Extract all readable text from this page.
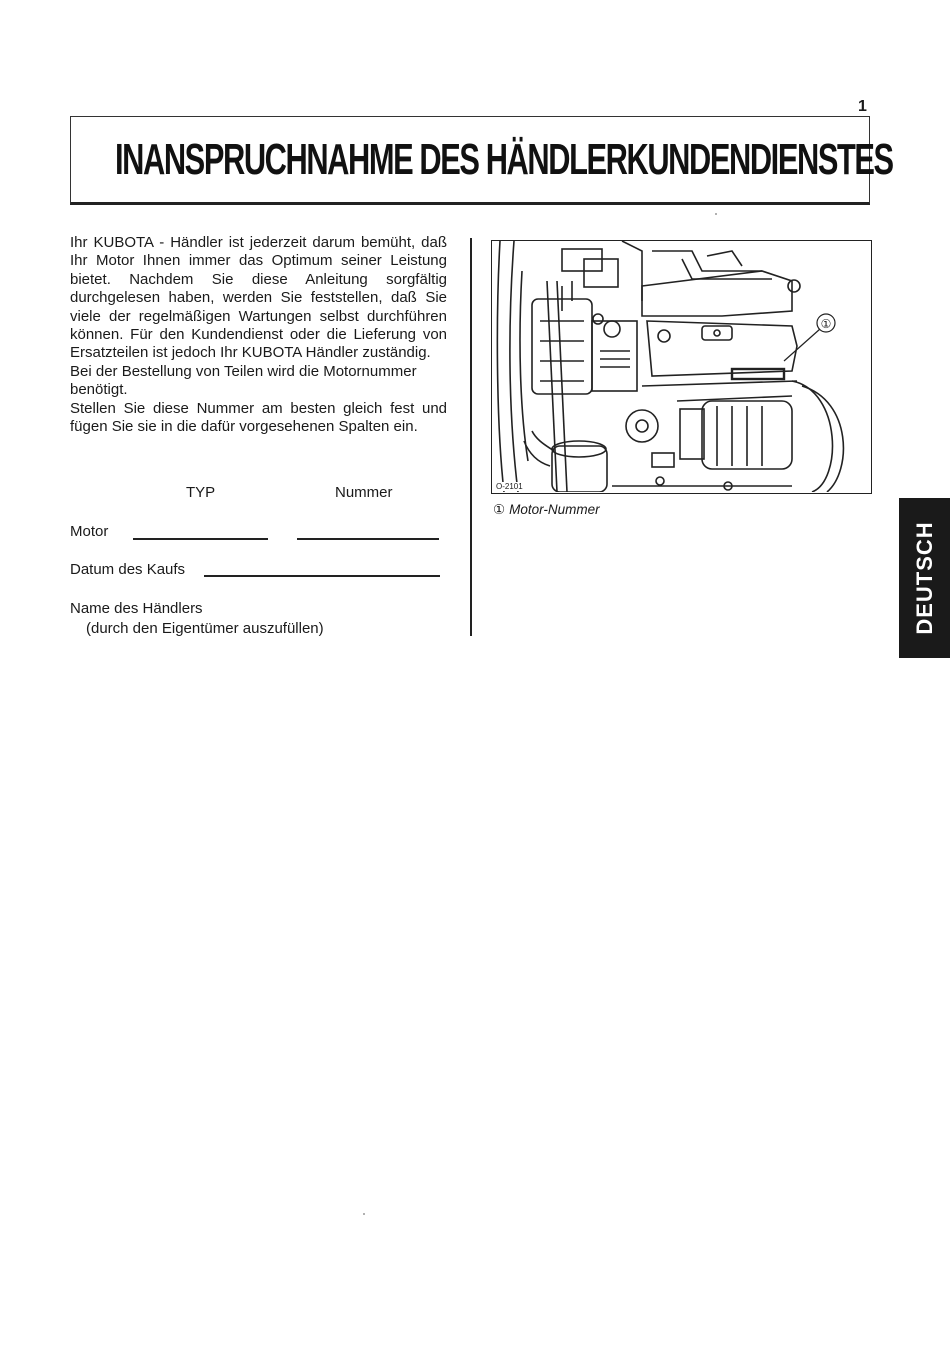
1
INANSPRUCHNAHME DES HÄNDLERKUNDENDIENSTES

Ihr KUBOTA - Händler ist jederzeit darum bemüht, daß Ihr Motor Ihnen immer das Optimum seiner Leistung bietet. Nachdem Sie diese Anleitung sorgfältig durchgelesen haben, werden Sie feststellen, daß Sie viele der regelmäßigen Wartungen selbst durchführen können. Für den Kundendienst oder die Lieferung von Ersatzteilen ist jedoch Ihr KUBOTA Händler zuständig.

Bei der Bestellung von Teilen wird die Motornummer benötigt.

Stellen Sie diese Nummer am besten gleich fest und fügen Sie sie in die dafür vorgesehenen Spalten ein.

TYP	Nummer
Motor
Datum des Kaufs
Name des Händlers
(durch den Eigentümer auszufüllen)
①
O-2101
① Motor-Nummer
DEUTSCH
